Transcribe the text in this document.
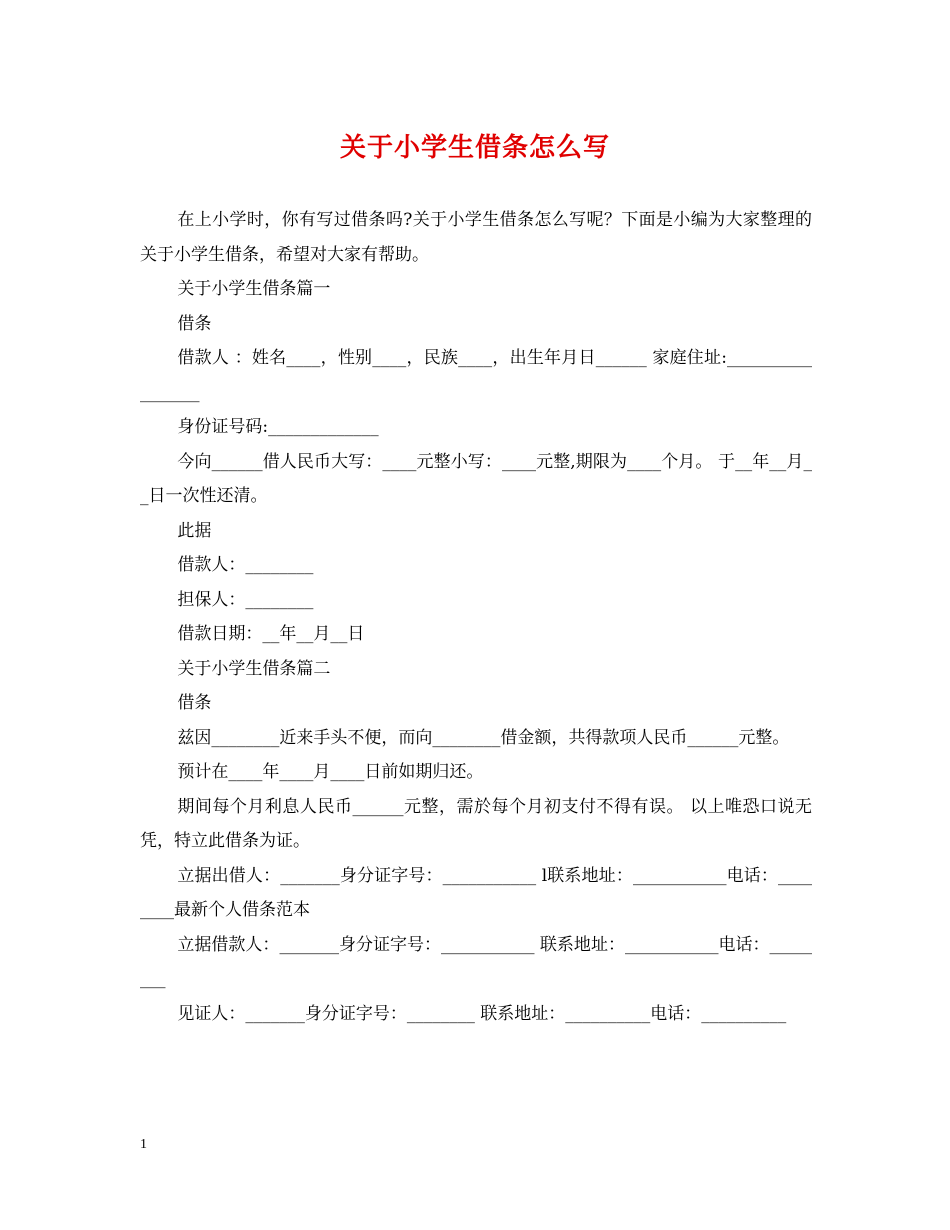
关于小学生借条怎么写

在上小学时，你有写过借条吗?关于小学生借条怎么写呢？下面是小编为大家整理的关于小学生借条，希望对大家有帮助。

关于小学生借条篇一

借条

借款人 ：姓名____，性别____，民族____，出生年月日______ 家庭住址:_________________

身份证号码:_____________

今向______借人民币大写：____元整小写：____元整,期限为____个月。 于__年__月__日一次性还清。

此据

借款人：________

担保人：________

借款日期：__年__月__日

关于小学生借条篇二

借条

兹因________近来手头不便，而向________借金额，共得款项人民币______元整。

预计在____年____月____日前如期归还。

期间每个月利息人民币______元整，需於每个月初支付不得有误。 以上唯恐口说无凭，特立此借条为证。

立据出借人：_______身分证字号：___________ l联系地址：___________电话：________最新个人借条范本

立据借款人：_______身分证字号：___________ 联系地址：___________电话：________

见证人：_______身分证字号：________ 联系地址：__________电话：__________

1
